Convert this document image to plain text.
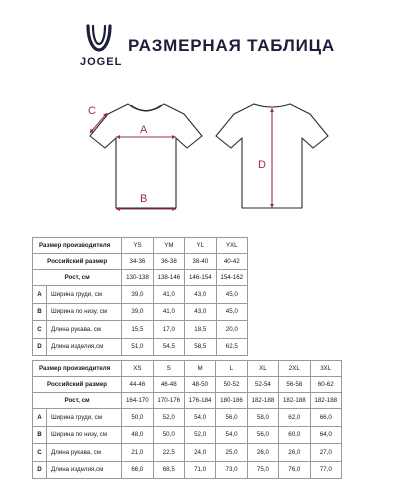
JOGEL
РАЗМЕРНАЯ ТАБЛИЦА
A
B
C
D
Размер производителя		YS	YM	YL	YXL
Российский размер		34-36	36-38	38-40	40-42
Рост, см		130-138	138-146	146-154	154-162
A	Ширина груди, см	39,0	41,0	43,0	45,0
B	Ширина по низу, см	39,0	41,0	43,0	45,0
C	Длина рукава, см	15,5	17,0	18,5	20,0
D	Длина изделия,см	51,0	54,5	58,5	62,5
Размер производителя		XS	S	M	L	XL	2XL	3XL
Российский размер		44-46	46-48	48-50	50-52	52-54	56-58	60-62
Рост, см		164-170	170-176	176-184	180-186	182-188	182-188	182-188
A	Ширина груди, см	50,0	52,0	54,0	56,0	58,0	62,0	66,0
B	Ширина по низу, см	48,0	50,0	52,0	54,0	56,0	60,0	64,0
C	Длина рукава, см	21,0	22,5	24,0	25,0	26,0	26,0	27,0
D	Длина изделия,см	66,0	68,5	71,0	73,0	75,0	76,0	77,0
